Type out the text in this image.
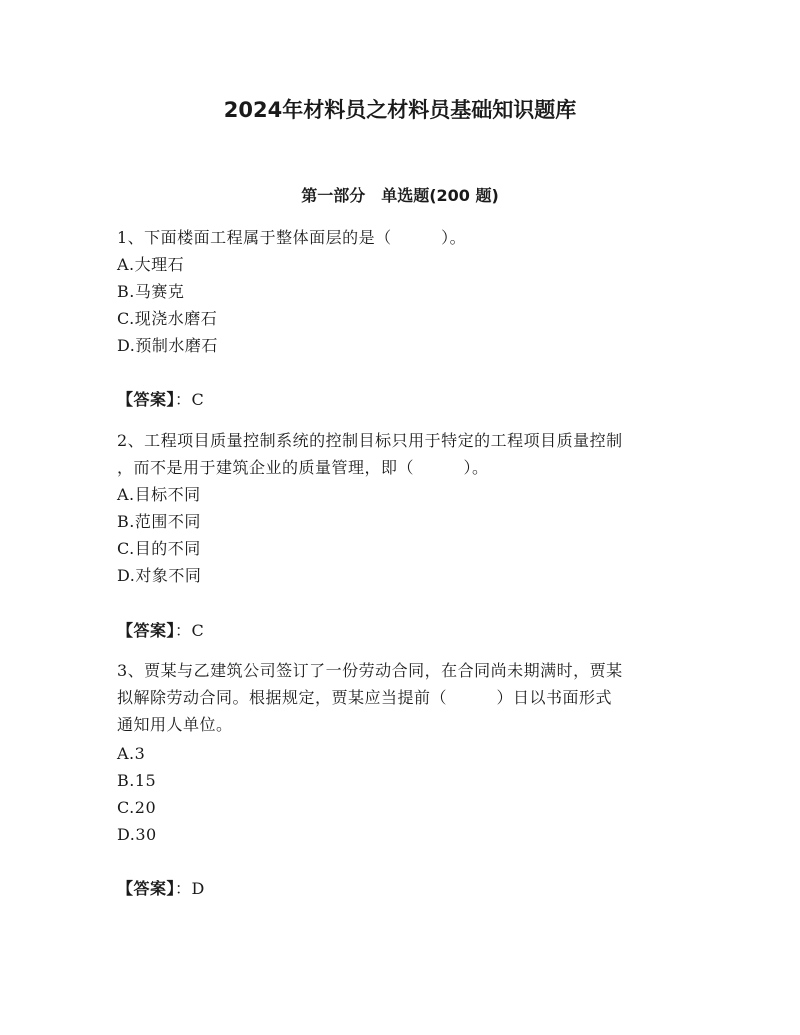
2024年材料员之材料员基础知识题库
第一部分　单选题(200 题)
1、下面楼面工程属于整体面层的是（　　　）。
A.大理石
B.马赛克
C.现浇水磨石
D.预制水磨石
【答案】：C
2、工程项目质量控制系统的控制目标只用于特定的工程项目质量控制
，而不是用于建筑企业的质量管理，即（　　　）。
A.目标不同
B.范围不同
C.目的不同
D.对象不同
【答案】：C
3、贾某与乙建筑公司签订了一份劳动合同，在合同尚未期满时，贾某
拟解除劳动合同。根据规定，贾某应当提前（　　　）日以书面形式
通知用人单位。
A.3
B.15
C.20
D.30
【答案】：D
